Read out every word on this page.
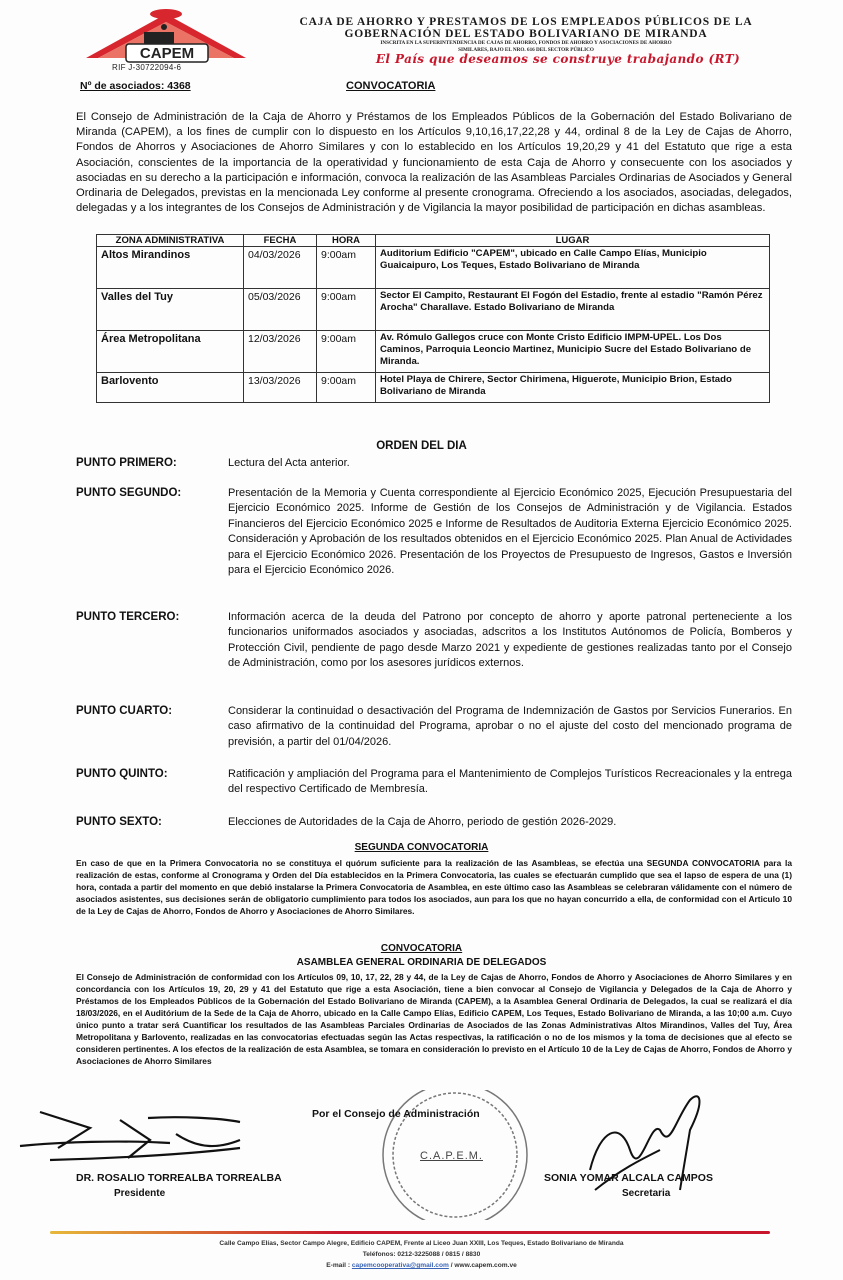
CAPEM
RIF J-30722094-6
CAJA DE AHORRO Y PRESTAMOS DE LOS EMPLEADOS PÚBLICOS DE LA
GOBERNACIÓN DEL ESTADO BOLIVARIANO DE MIRANDA
INSCRITA EN LA SUPERINTENDENCIA DE CAJAS DE AHORRO, FONDOS DE AHORRO Y ASOCIACIONES DE AHORRO
SIMILARES, BAJO EL NRO. 616 DEL SECTOR PÚBLICO
El País que deseamos se construye trabajando (RT)
Nº de asociados: 4368	CONVOCATORIA
El Consejo de Administración de la Caja de Ahorro y Préstamos de los Empleados Públicos de la Gobernación del Estado Bolivariano de Miranda (CAPEM), a los fines de cumplir con lo dispuesto en los Artículos 9,10,16,17,22,28 y 44, ordinal 8 de la Ley de Cajas de Ahorro, Fondos de Ahorros y Asociaciones de Ahorro Similares y con lo establecido en los Artículos 19,20,29 y 41 del Estatuto que rige a esta Asociación, conscientes de la importancia de la operatividad y funcionamiento de esta Caja de Ahorro y consecuente con los asociados y asociadas en su derecho a la participación e información, convoca la realización de las Asambleas Parciales Ordinarias de Asociados y General Ordinaria de Delegados, previstas en la mencionada Ley conforme al presente cronograma. Ofreciendo a los asociados, asociadas, delegados, delegadas y a los integrantes de los Consejos de Administración y de Vigilancia la mayor posibilidad de participación en dichas asambleas.
ZONA ADMINISTRATIVA	FECHA	HORA	LUGAR
Altos Mirandinos	04/03/2026	9:00am	Auditorium Edificio "CAPEM", ubicado en Calle Campo Elías, Municipio Guaicaipuro, Los Teques, Estado Bolivariano de Miranda
Valles del Tuy	05/03/2026	9:00am	Sector El Campito, Restaurant El Fogón del Estadio, frente al estadio "Ramón Pérez Arocha" Charallave. Estado Bolivariano de Miranda
Área Metropolitana	12/03/2026	9:00am	Av. Rómulo Gallegos cruce con Monte Cristo Edificio IMPM-UPEL. Los Dos Caminos, Parroquia Leoncio Martinez, Municipio Sucre del Estado Bolivariano de Miranda.
Barlovento	13/03/2026	9:00am	Hotel Playa de Chirere, Sector Chirimena, Higuerote, Municipio Brion, Estado Bolivariano de Miranda
ORDEN DEL DIA
PUNTO PRIMERO:	Lectura del Acta anterior.
PUNTO SEGUNDO:	Presentación de la Memoria y Cuenta correspondiente al Ejercicio Económico 2025, Ejecución Presupuestaria del Ejercicio Económico 2025. Informe de Gestión de los Consejos de Administración y de Vigilancia. Estados Financieros del Ejercicio Económico 2025 e Informe de Resultados de Auditoria Externa Ejercicio Económico 2025. Consideración y Aprobación de los resultados obtenidos en el Ejercicio Económico 2025. Plan Anual de Actividades para el Ejercicio Económico 2026. Presentación de los Proyectos de Presupuesto de Ingresos, Gastos e Inversión para el Ejercicio Económico 2026.
PUNTO TERCERO:	Información acerca de la deuda del Patrono por concepto de ahorro y aporte patronal perteneciente a los funcionarios uniformados asociados y asociadas, adscritos a los Institutos Autónomos de Policía, Bomberos y Protección Civil, pendiente de pago desde Marzo 2021 y expediente de gestiones realizadas tanto por el Consejo de Administración, como por los asesores jurídicos externos.
PUNTO CUARTO:	Considerar la continuidad o desactivación del Programa de Indemnización de Gastos por Servicios Funerarios. En caso afirmativo de la continuidad del Programa, aprobar o no el ajuste del costo del mencionado programa de previsión, a partir del 01/04/2026.
PUNTO QUINTO:	Ratificación y ampliación del Programa para el Mantenimiento de Complejos Turísticos Recreacionales y la entrega del respectivo Certificado de Membresía.
PUNTO SEXTO:	Elecciones de Autoridades de la Caja de Ahorro, periodo de gestión 2026-2029.
SEGUNDA CONVOCATORIA
En caso de que en la Primera Convocatoria no se constituya el quórum suficiente para la realización de las Asambleas, se efectúa una SEGUNDA CONVOCATORIA para la realización de estas, conforme al Cronograma y Orden del Día establecidos en la Primera Convocatoria, las cuales se efectuarán cumplido que sea el lapso de espera de una (1) hora, contada a partir del momento en que debió instalarse la Primera Convocatoria de Asamblea, en este último caso las Asambleas se celebraran válidamente con el número de asociados asistentes, sus decisiones serán de obligatorio cumplimiento para todos los asociados, aun para los que no hayan concurrido a ella, de conformidad con el Articulo 10 de la Ley de Cajas de Ahorro, Fondos de Ahorro y Asociaciones de Ahorro Similares.
CONVOCATORIA
ASAMBLEA GENERAL ORDINARIA DE DELEGADOS
El Consejo de Administración de conformidad con los Artículos 09, 10, 17, 22, 28 y 44, de la Ley de Cajas de Ahorro, Fondos de Ahorro y Asociaciones de Ahorro Similares y en concordancia con los Artículos 19, 20, 29 y 41 del Estatuto que rige a esta Asociación, tiene a bien convocar al Consejo de Vigilancia y Delegados de la Caja de Ahorro y Préstamos de los Empleados Públicos de la Gobernación del Estado Bolivariano de Miranda (CAPEM), a la Asamblea General Ordinaria de Delegados, la cual se realizará el día 18/03/2026, en el Auditórium de la Sede de la Caja de Ahorro, ubicado en la Calle Campo Elías, Edificio CAPEM, Los Teques, Estado Bolivariano de Miranda, a las 10;00 a.m. Cuyo único punto a tratar será Cuantificar los resultados de las Asambleas Parciales Ordinarias de Asociados de las Zonas Administrativas Altos Mirandinos, Valles del Tuy, Área Metropolitana y Barlovento, realizadas en las convocatorias efectuadas según las Actas respectivas, la ratificación o no de los mismos y la toma de decisiones que al efecto se consideren pertinentes. A los efectos de la realización de esta Asamblea, se tomara en consideración lo previsto en el Artículo 10 de la Ley de Cajas de Ahorro, Fondos de Ahorro y Asociaciones de Ahorro Similares
Por el Consejo de Administración
C.A.P.E.M.
DR. ROSALIO TORREALBA TORREALBA
Presidente
SONIA YOMAR ALCALA CAMPOS
Secretaria
Calle Campo Elías, Sector Campo Alegre, Edificio CAPEM, Frente al Liceo Juan XXIII, Los Teques, Estado Bolivariano de Miranda
Teléfonos: 0212-3225088 / 0815 / 8830
E-mail : capemcooperativa@gmail.com / www.capem.com.ve
